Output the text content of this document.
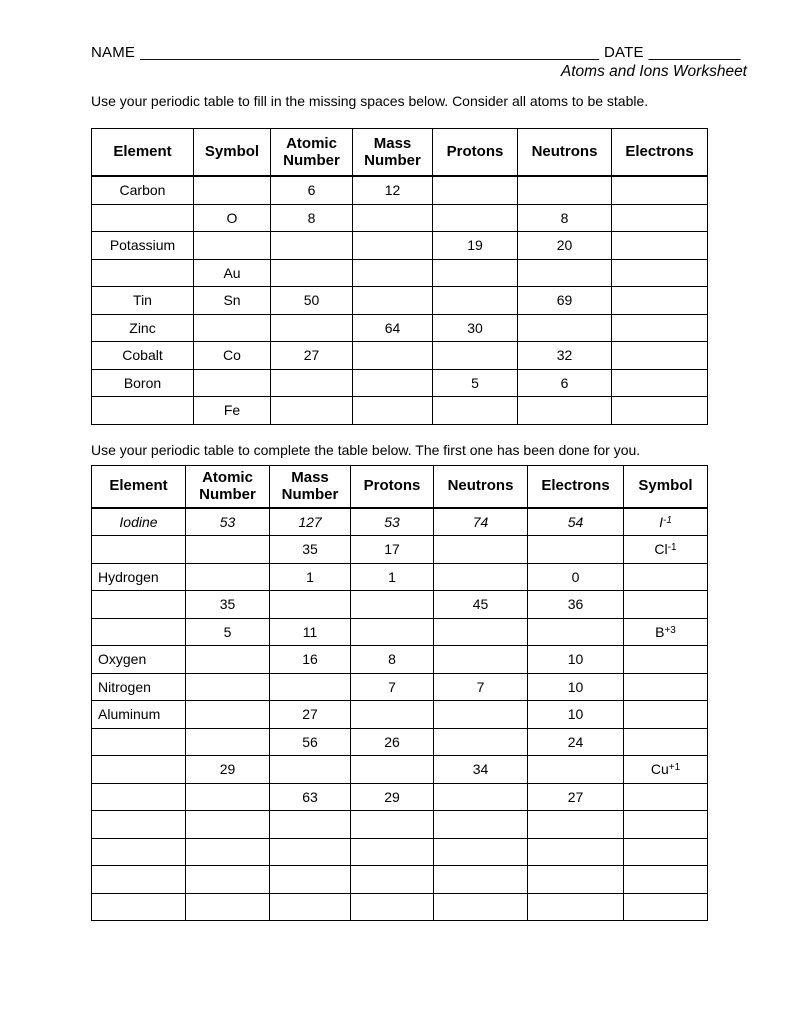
NAME _______________________________________________________ DATE ___________
Atoms and Ions Worksheet

Use your periodic table to fill in the missing spaces below. Consider all atoms to be stable.

Element	Symbol	Atomic Number	Mass Number	Protons	Neutrons	Electrons
Carbon		6	12			
	O	8			8	
Potassium				19	20	
	Au					
Tin	Sn	50			69	
Zinc			64	30		
Cobalt	Co	27			32	
Boron				5	6	
	Fe					

Use your periodic table to complete the table below. The first one has been done for you.

Element	Atomic Number	Mass Number	Protons	Neutrons	Electrons	Symbol
Iodine	53	127	53	74	54	$I^{-1}$
		35	17			$Cl^{-1}$
Hydrogen		1	1		0	
	35			45	36	
	5	11				$B^{+3}$
Oxygen		16	8		10	
Nitrogen			7	7	10	
Aluminum		27			10	
		56	26		24	
	29			34		$Cu^{+1}$
		63	29		27	
